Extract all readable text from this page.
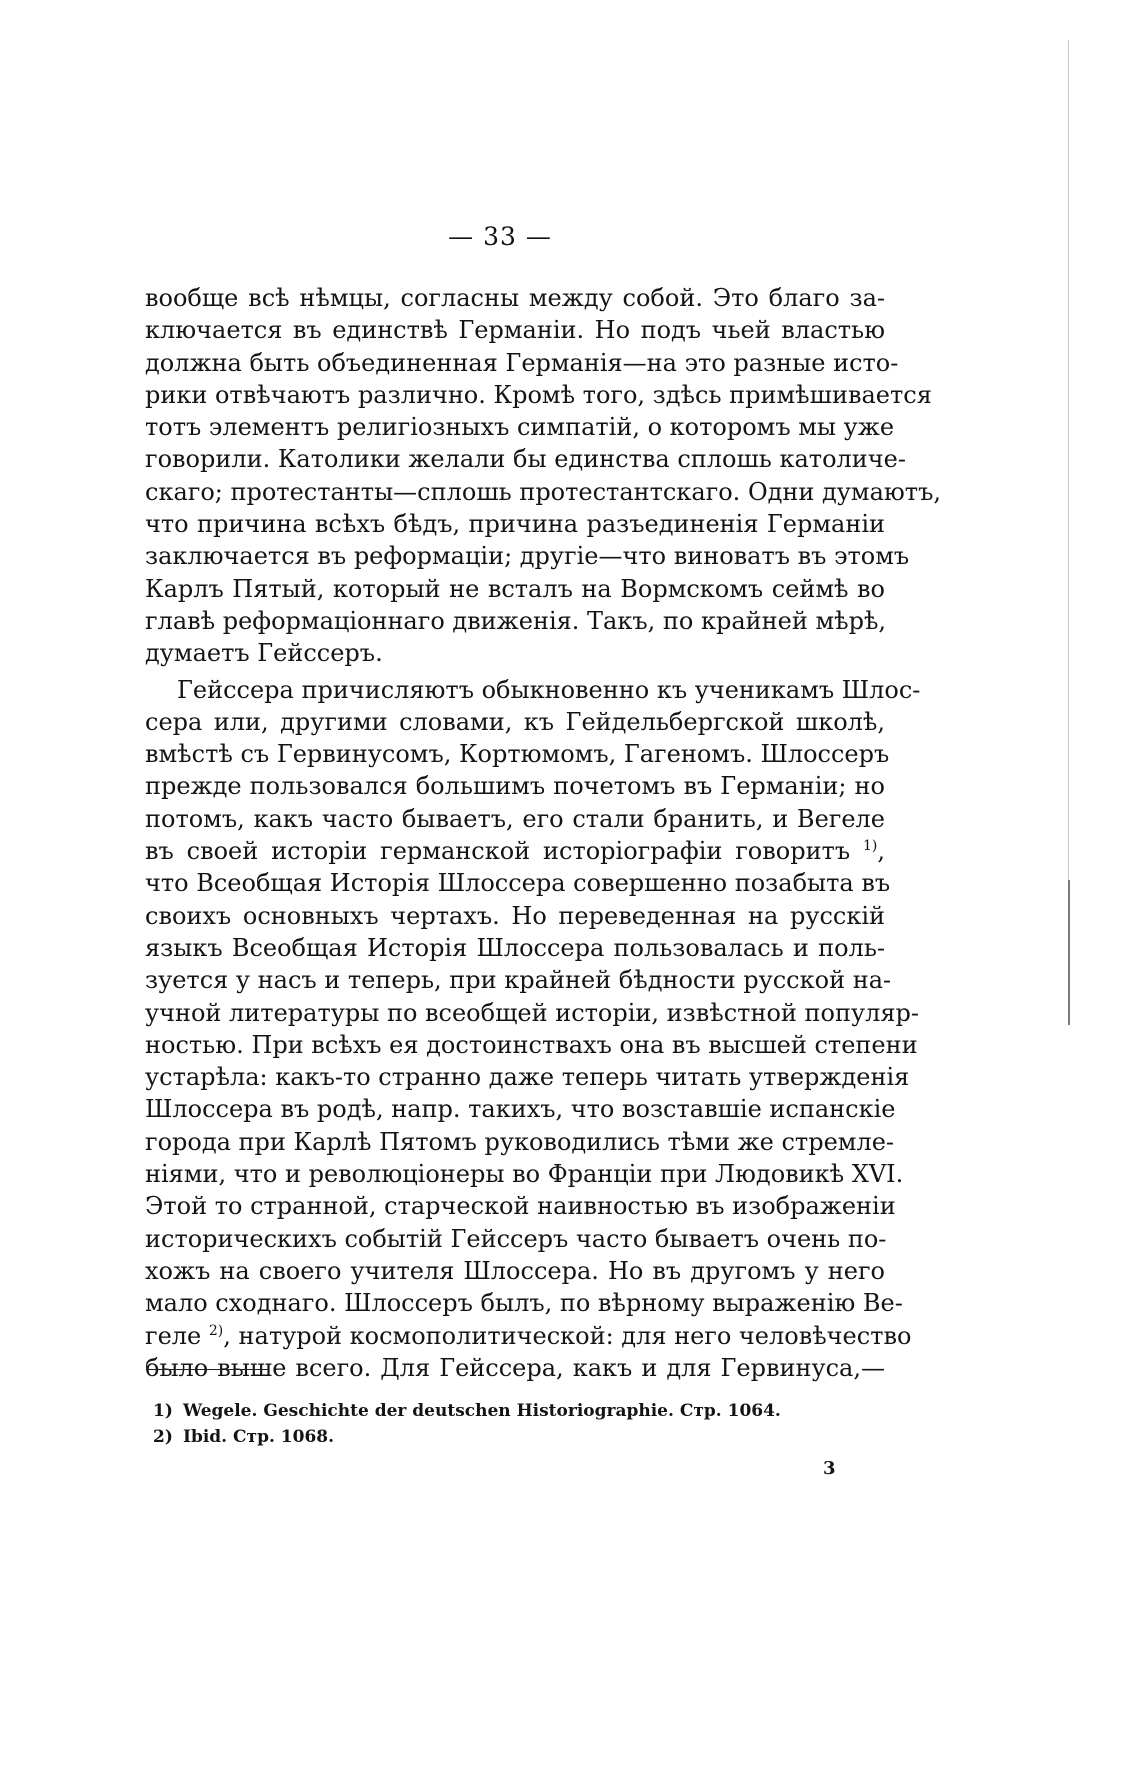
— 33 —
вообще всѣ нѣмцы, согласны между собой. Это благо за-
ключается въ единствѣ Германіи. Но подъ чьей властью
должна быть объединенная Германія—на это разные исто-
рики отвѣчаютъ различно. Кромѣ того, здѣсь примѣшивается
тотъ элементъ религіозныхъ симпатій, о которомъ мы уже
говорили. Католики желали бы единства сплошь католиче-
скаго; протестанты—сплошь протестантскаго. Одни думаютъ,
что причина всѣхъ бѣдъ, причина разъединенія Германіи
заключается въ реформаціи; другіе—что виноватъ въ этомъ
Карлъ Пятый, который не всталъ на Вормскомъ сеймѣ во
главѣ реформаціоннаго движенія. Такъ, по крайней мѣрѣ,
думаетъ Гейссеръ.
Гейссера причисляютъ обыкновенно къ ученикамъ Шлос-
сера или, другими словами, къ Гейдельбергской школѣ,
вмѣстѣ съ Гервинусомъ, Кортюмомъ, Гагеномъ. Шлоссеръ
прежде пользовался большимъ почетомъ въ Германіи; но
потомъ, какъ часто бываетъ, его стали бранить, и Вегеле
въ своей исторіи германской исторіографіи говоритъ $^{1)}$,
что Всеобщая Исторія Шлоссера совершенно позабыта въ
своихъ основныхъ чертахъ. Но переведенная на русскій
языкъ Всеобщая Исторія Шлоссера пользовалась и поль-
зуется у насъ и теперь, при крайней бѣдности русской на-
учной литературы по всеобщей исторіи, извѣстной популяр-
ностью. При всѣхъ ея достоинствахъ она въ высшей степени
устарѣла: какъ-то странно даже теперь читать утвержденія
Шлоссера въ родѣ, напр. такихъ, что возставшіе испанскіе
города при Карлѣ Пятомъ руководились тѣми же стремле-
ніями, что и революціонеры во Франціи при Людовикѣ XVI.
Этой то странной, старческой наивностью въ изображеніи
историческихъ событій Гейссеръ часто бываетъ очень по-
хожъ на своего учителя Шлоссера. Но въ другомъ у него
мало сходнаго. Шлоссеръ былъ, по вѣрному выраженію Ве-
геле $^{2)}$, натурой космополитической: для него человѣчество
было выше всего. Для Гейссера, какъ и для Гервинуса,—
1) Wegele. Geschichte der deutschen Historiographie. Стр. 1064.
2) Ibid. Стр. 1068.
3
